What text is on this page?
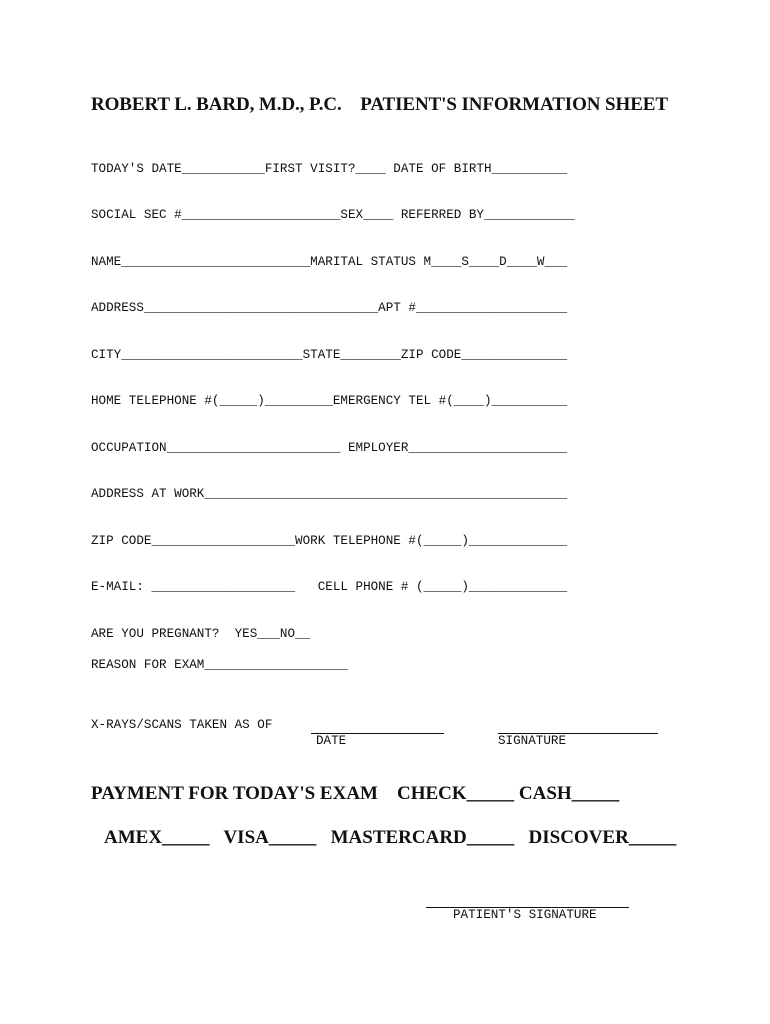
ROBERT L. BARD, M.D., P.C.    PATIENT'S INFORMATION SHEET
TODAY'S DATE___________FIRST VISIT?____ DATE OF BIRTH__________
SOCIAL SEC #_____________________SEX____ REFERRED BY____________
NAME_________________________MARITAL STATUS M____S____D____W___
ADDRESS_______________________________APT #____________________
CITY________________________STATE________ZIP CODE______________
HOME TELEPHONE #(_____)_________EMERGENCY TEL #(____)__________
OCCUPATION_______________________ EMPLOYER_____________________
ADDRESS AT WORK________________________________________________
ZIP CODE___________________WORK TELEPHONE #(_____)_____________
E-MAIL: ___________________   CELL PHONE # (_____)_____________
ARE YOU PREGNANT?  YES___NO__
REASON FOR EXAM___________________
X-RAYS/SCANS TAKEN AS OF
DATE	SIGNATURE
PAYMENT FOR TODAY'S EXAM    CHECK_____ CASH_____
AMEX_____   VISA_____   MASTERCARD_____   DISCOVER_____
PATIENT'S SIGNATURE
